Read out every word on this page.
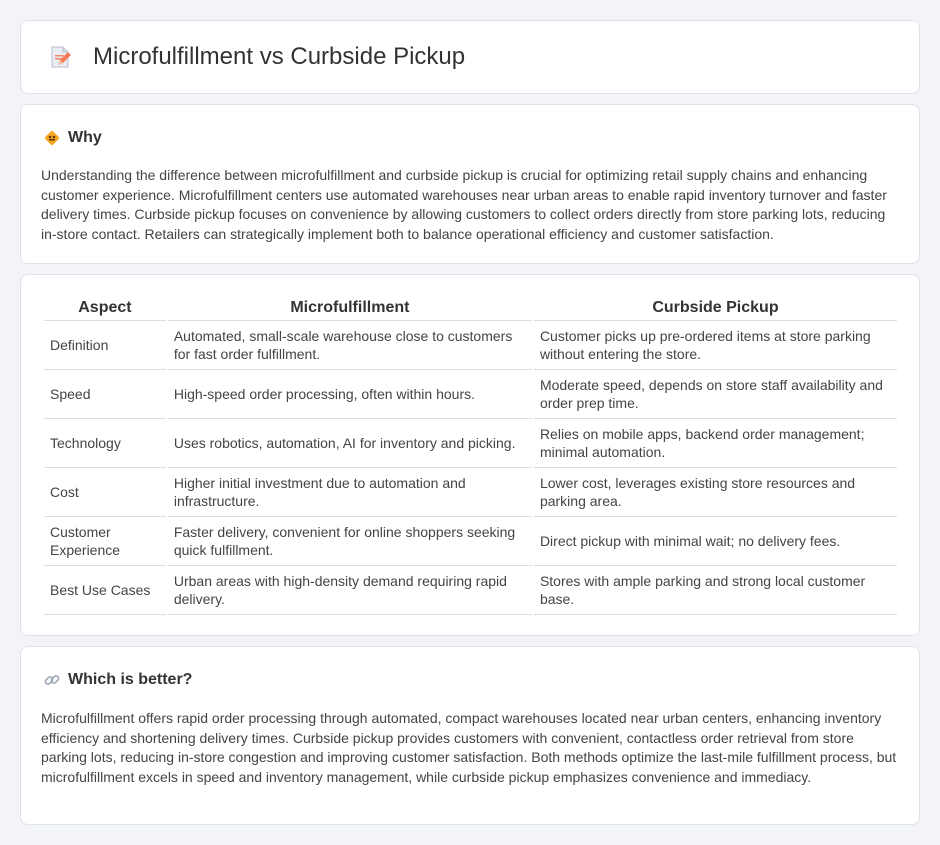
Microfulfillment vs Curbside Pickup
Why

Understanding the difference between microfulfillment and curbside pickup is crucial for optimizing retail supply chains and enhancing customer experience. Microfulfillment centers use automated warehouses near urban areas to enable rapid inventory turnover and faster delivery times. Curbside pickup focuses on convenience by allowing customers to collect orders directly from store parking lots, reducing in-store contact. Retailers can strategically implement both to balance operational efficiency and customer satisfaction.

Aspect	Microfulfillment	Curbside Pickup
Definition	Automated, small-scale warehouse close to customers for fast order fulfillment.	Customer picks up pre-ordered items at store parking without entering the store.
Speed	High-speed order processing, often within hours.	Moderate speed, depends on store staff availability and order prep time.
Technology	Uses robotics, automation, AI for inventory and picking.	Relies on mobile apps, backend order management; minimal automation.
Cost	Higher initial investment due to automation and infrastructure.	Lower cost, leverages existing store resources and parking area.
Customer Experience	Faster delivery, convenient for online shoppers seeking quick fulfillment.	Direct pickup with minimal wait; no delivery fees.
Best Use Cases	Urban areas with high-density demand requiring rapid delivery.	Stores with ample parking and strong local customer base.
Which is better?

Microfulfillment offers rapid order processing through automated, compact warehouses located near urban centers, enhancing inventory efficiency and shortening delivery times. Curbside pickup provides customers with convenient, contactless order retrieval from store parking lots, reducing in-store congestion and improving customer satisfaction. Both methods optimize the last-mile fulfillment process, but microfulfillment excels in speed and inventory management, while curbside pickup emphasizes convenience and immediacy.
